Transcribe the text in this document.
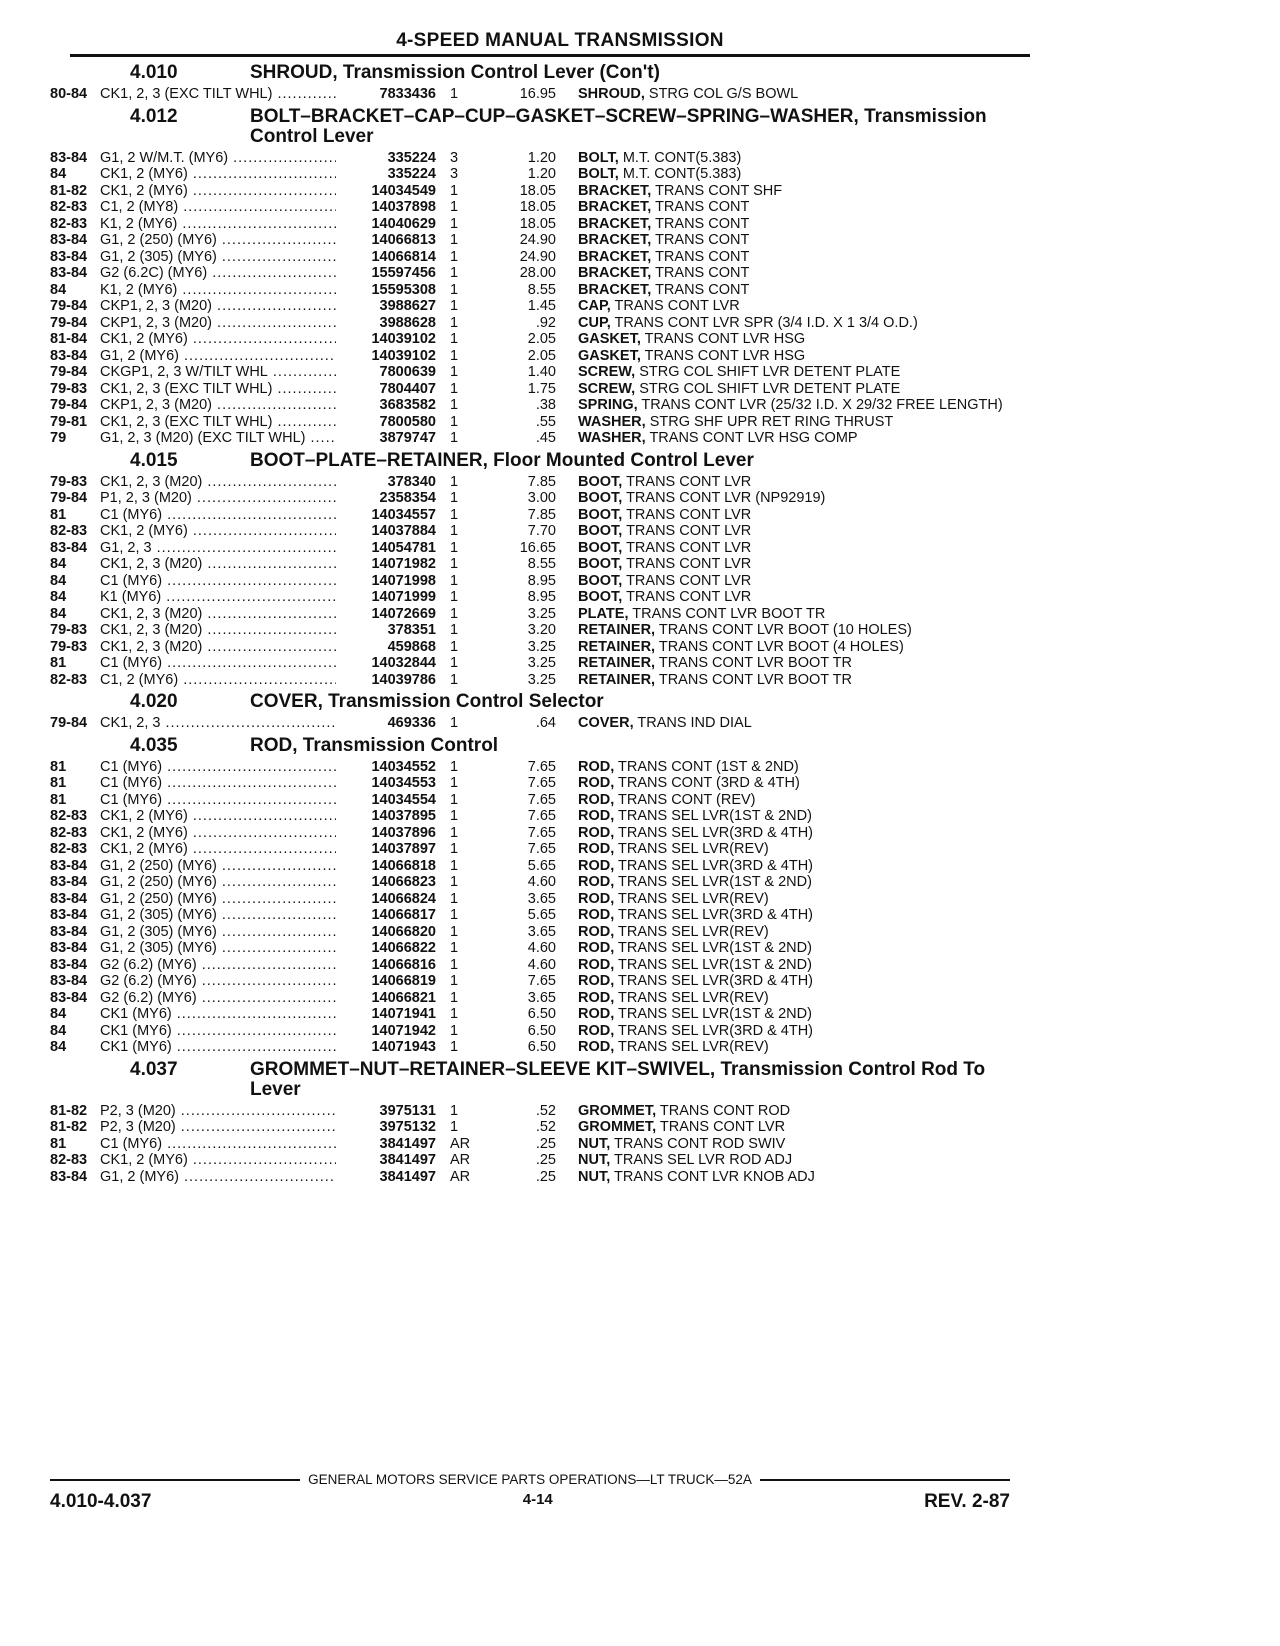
4-SPEED MANUAL TRANSMISSION
4.010	SHROUD, Transmission Control Lever (Con't)
80-84 CK1, 2, 3 (EXC TILT WHL) .....	7833436 1	16.95	SHROUD, STRG COL G/S BOWL
4.012	BOLT–BRACKET–CAP–CUP–GASKET–SCREW–SPRING–WASHER, Transmission Control Lever
83-84 G1, 2 W/M.T. (MY6) .....	335224 3	1.20	BOLT, M.T. CONT(5.383)
84	CK1, 2 (MY6) .....	335224 3	1.20	BOLT, M.T. CONT(5.383)
81-82 CK1, 2 (MY6) .....	14034549 1	18.05	BRACKET, TRANS CONT SHF
82-83 C1, 2 (MY8) .....	14037898 1	18.05	BRACKET, TRANS CONT
82-83 K1, 2 (MY6) .....	14040629 1	18.05	BRACKET, TRANS CONT
83-84 G1, 2 (250) (MY6) .....	14066813 1	24.90	BRACKET, TRANS CONT
83-84 G1, 2 (305) (MY6) .....	14066814 1	24.90	BRACKET, TRANS CONT
83-84 G2 (6.2C) (MY6) .....	15597456 1	28.00	BRACKET, TRANS CONT
84	K1, 2 (MY6) .....	15595308 1	8.55	BRACKET, TRANS CONT
79-84 CKP1, 2, 3 (M20) .....	3988627 1	1.45	CAP, TRANS CONT LVR
79-84 CKP1, 2, 3 (M20) .....	3988628 1	.92	CUP, TRANS CONT LVR SPR (3/4 I.D. X 1 3/4 O.D.)
81-84 CK1, 2 (MY6) .....	14039102 1	2.05	GASKET, TRANS CONT LVR HSG
83-84 G1, 2 (MY6) .....	14039102 1	2.05	GASKET, TRANS CONT LVR HSG
79-84 CKGP1, 2, 3 W/TILT WHL .....	7800639 1	1.40	SCREW, STRG COL SHIFT LVR DETENT PLATE
79-83 CK1, 2, 3 (EXC TILT WHL) .....	7804407 1	1.75	SCREW, STRG COL SHIFT LVR DETENT PLATE
79-84 CKP1, 2, 3 (M20) .....	3683582 1	.38	SPRING, TRANS CONT LVR (25/32 I.D. X 29/32 FREE LENGTH)
79-81 CK1, 2, 3 (EXC TILT WHL) .....	7800580 1	.55	WASHER, STRG SHF UPR RET RING THRUST
79	G1, 2, 3 (M20) (EXC TILT WHL) .....	3879747 1	.45	WASHER, TRANS CONT LVR HSG COMP
4.015	BOOT–PLATE–RETAINER, Floor Mounted Control Lever
79-83 CK1, 2, 3 (M20) .....	378340 1	7.85	BOOT, TRANS CONT LVR
79-84 P1, 2, 3 (M20) .....	2358354 1	3.00	BOOT, TRANS CONT LVR (NP92919)
81	C1 (MY6) .....	14034557 1	7.85	BOOT, TRANS CONT LVR
82-83 CK1, 2 (MY6) .....	14037884 1	7.70	BOOT, TRANS CONT LVR
83-84 G1, 2, 3 .....	14054781 1	16.65	BOOT, TRANS CONT LVR
84	CK1, 2, 3 (M20) .....	14071982 1	8.55	BOOT, TRANS CONT LVR
84	C1 (MY6) .....	14071998 1	8.95	BOOT, TRANS CONT LVR
84	K1 (MY6) .....	14071999 1	8.95	BOOT, TRANS CONT LVR
84	CK1, 2, 3 (M20) .....	14072669 1	3.25	PLATE, TRANS CONT LVR BOOT TR
79-83 CK1, 2, 3 (M20) .....	378351 1	3.20	RETAINER, TRANS CONT LVR BOOT (10 HOLES)
79-83 CK1, 2, 3 (M20) .....	459868 1	3.25	RETAINER, TRANS CONT LVR BOOT (4 HOLES)
81	C1 (MY6) .....	14032844 1	3.25	RETAINER, TRANS CONT LVR BOOT TR
82-83 C1, 2 (MY6) .....	14039786 1	3.25	RETAINER, TRANS CONT LVR BOOT TR
4.020	COVER, Transmission Control Selector
79-84 CK1, 2, 3 .....	469336 1	.64	COVER, TRANS IND DIAL
4.035	ROD, Transmission Control
81	C1 (MY6) .....	14034552 1	7.65	ROD, TRANS CONT (1ST & 2ND)
81	C1 (MY6) .....	14034553 1	7.65	ROD, TRANS CONT (3RD & 4TH)
81	C1 (MY6) .....	14034554 1	7.65	ROD, TRANS CONT (REV)
82-83 CK1, 2 (MY6) .....	14037895 1	7.65	ROD, TRANS SEL LVR(1ST & 2ND)
82-83 CK1, 2 (MY6) .....	14037896 1	7.65	ROD, TRANS SEL LVR(3RD & 4TH)
82-83 CK1, 2 (MY6) .....	14037897 1	7.65	ROD, TRANS SEL LVR(REV)
83-84 G1, 2 (250) (MY6) .....	14066818 1	5.65	ROD, TRANS SEL LVR(3RD & 4TH)
83-84 G1, 2 (250) (MY6) .....	14066823 1	4.60	ROD, TRANS SEL LVR(1ST & 2ND)
83-84 G1, 2 (250) (MY6) .....	14066824 1	3.65	ROD, TRANS SEL LVR(REV)
83-84 G1, 2 (305) (MY6) .....	14066817 1	5.65	ROD, TRANS SEL LVR(3RD & 4TH)
83-84 G1, 2 (305) (MY6) .....	14066820 1	3.65	ROD, TRANS SEL LVR(REV)
83-84 G1, 2 (305) (MY6) .....	14066822 1	4.60	ROD, TRANS SEL LVR(1ST & 2ND)
83-84 G2 (6.2) (MY6) .....	14066816 1	4.60	ROD, TRANS SEL LVR(1ST & 2ND)
83-84 G2 (6.2) (MY6) .....	14066819 1	7.65	ROD, TRANS SEL LVR(3RD & 4TH)
83-84 G2 (6.2) (MY6) .....	14066821 1	3.65	ROD, TRANS SEL LVR(REV)
84	CK1 (MY6) .....	14071941 1	6.50	ROD, TRANS SEL LVR(1ST & 2ND)
84	CK1 (MY6) .....	14071942 1	6.50	ROD, TRANS SEL LVR(3RD & 4TH)
84	CK1 (MY6) .....	14071943 1	6.50	ROD, TRANS SEL LVR(REV)
4.037	GROMMET–NUT–RETAINER–SLEEVE KIT–SWIVEL, Transmission Control Rod To Lever
81-82 P2, 3 (M20) .....	3975131 1	.52	GROMMET, TRANS CONT ROD
81-82 P2, 3 (M20) .....	3975132 1	.52	GROMMET, TRANS CONT LVR
81	C1 (MY6) .....	3841497 AR	.25	NUT, TRANS CONT ROD SWIV
82-83 CK1, 2 (MY6) .....	3841497 AR	.25	NUT, TRANS SEL LVR ROD ADJ
83-84 G1, 2 (MY6) .....	3841497 AR	.25	NUT, TRANS CONT LVR KNOB ADJ
GENERAL MOTORS SERVICE PARTS OPERATIONS—LT TRUCK—52A
4.010-4.037	4-14	REV. 2-87
